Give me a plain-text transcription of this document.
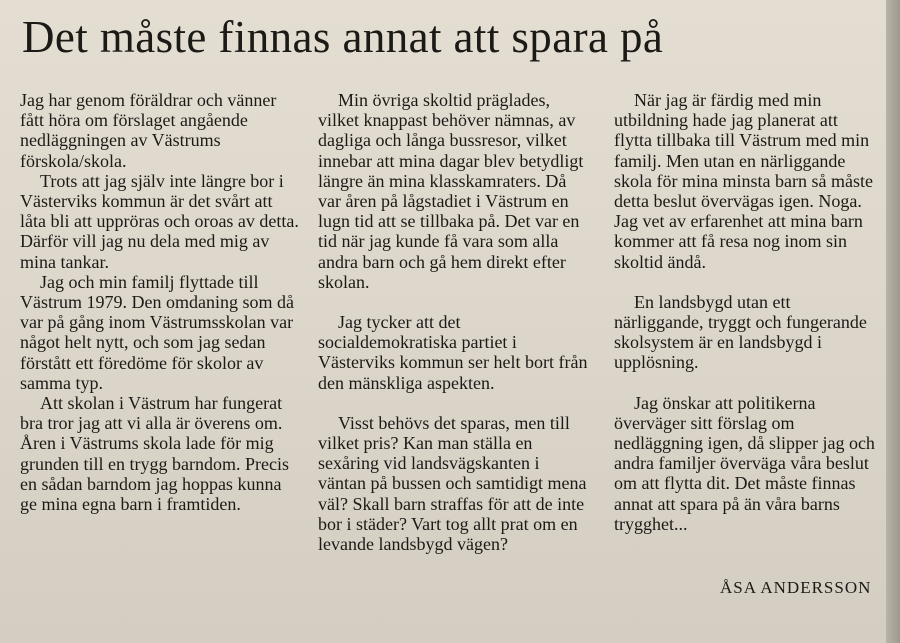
Det måste finnas annat att spara på

Jag har genom föräldrar och vänner fått höra om förslaget angående nedläggningen av Västrums förskola/skola.

Trots att jag själv inte längre bor i Västerviks kommun är det svårt att låta bli att uppröras och oroas av detta. Därför vill jag nu dela med mig av mina tankar.

Jag och min familj flyttade till Västrum 1979. Den omdaning som då var på gång inom Västrumsskolan var något helt nytt, och som jag sedan förstått ett föredöme för skolor av samma typ.

Att skolan i Västrum har fungerat bra tror jag att vi alla är överens om. Åren i Västrums skola lade för mig grunden till en trygg barndom. Precis en sådan barndom jag hoppas kunna ge mina egna barn i framtiden.

Min övriga skoltid präglades, vilket knappast behöver nämnas, av dagliga och långa bussresor, vilket innebar att mina dagar blev betydligt längre än mina klasskamraters. Då var åren på lågstadiet i Västrum en lugn tid att se tillbaka på. Det var en tid när jag kunde få vara som alla andra barn och gå hem direkt efter skolan.

Jag tycker att det socialdemokratiska partiet i Västerviks kommun ser helt bort från den mänskliga aspekten.

Visst behövs det sparas, men till vilket pris? Kan man ställa en sexåring vid landsvägskanten i väntan på bussen och samtidigt mena väl? Skall barn straffas för att de inte bor i städer? Vart tog allt prat om en levande landsbygd vägen?

När jag är färdig med min utbildning hade jag planerat att flytta tillbaka till Västrum med min familj. Men utan en närliggande skola för mina minsta barn så måste detta beslut övervägas igen. Noga. Jag vet av erfarenhet att mina barn kommer att få resa nog inom sin skoltid ändå.

En landsbygd utan ett närliggande, tryggt och fungerande skolsystem är en landsbygd i upplösning.

Jag önskar att politikerna överväger sitt förslag om nedläggning igen, då slipper jag och andra familjer överväga våra beslut om att flytta dit. Det måste finnas annat att spara på än våra barns trygghet...

ÅSA ANDERSSON
